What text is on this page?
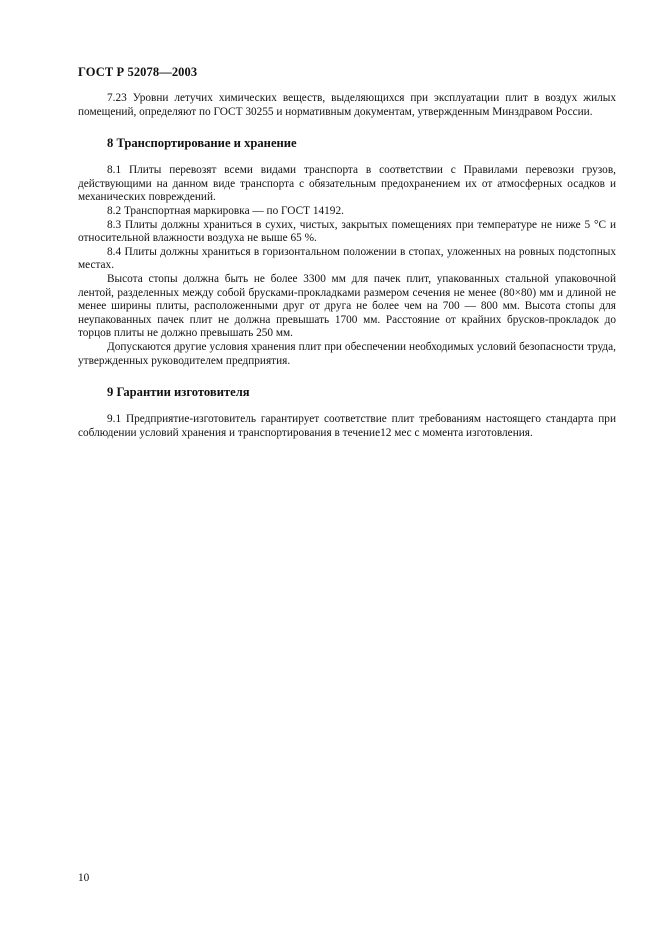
ГОСТ Р 52078—2003

7.23 Уровни летучих химических веществ, выделяющихся при эксплуатации плит в воздух жилых помещений, определяют по ГОСТ 30255 и нормативным документам, утвержденным Минздравом России.

8 Транспортирование и хранение

8.1 Плиты перевозят всеми видами транспорта в соответствии с Правилами перевозки грузов, действующими на данном виде транспорта с обязательным предохранением их от атмосферных осадков и механических повреждений.

8.2 Транспортная маркировка — по ГОСТ 14192.

8.3 Плиты должны храниться в сухих, чистых, закрытых помещениях при температуре не ниже 5 °C и относительной влажности воздуха не выше 65 %.

8.4 Плиты должны храниться в горизонтальном положении в стопах, уложенных на ровных подстопных местах.

Высота стопы должна быть не более 3300 мм для пачек плит, упакованных стальной упаковочной лентой, разделенных между собой брусками-прокладками размером сечения не менее (80×80) мм и длиной не менее ширины плиты, расположенными друг от друга не более чем на 700 — 800 мм. Высота стопы для неупакованных пачек плит не должна превышать 1700 мм. Расстояние от крайних брусков-прокладок до торцов плиты не должно превышать 250 мм.

Допускаются другие условия хранения плит при обеспечении необходимых условий безопасности труда, утвержденных руководителем предприятия.

9 Гарантии изготовителя

9.1 Предприятие-изготовитель гарантирует соответствие плит требованиям настоящего стандарта при соблюдении условий хранения и транспортирования в течение12 мес с момента изготовления.

10
